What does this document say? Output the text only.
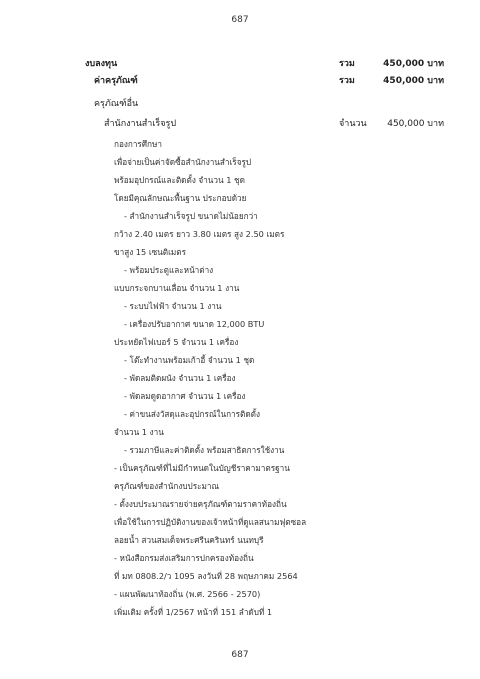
687
งบลงทุน	รวม	450,000 บาท
ค่าครุภัณฑ์	รวม	450,000 บาท
ครุภัณฑ์อื่น
สำนักงานสำเร็จรูป	จำนวน 450,000 บาท
กองการศึกษา
เพื่อจ่ายเป็นค่าจัดซื้อสำนักงานสำเร็จรูป
พร้อมอุปกรณ์และติดตั้ง จำนวน 1 ชุด
โดยมีคุณลักษณะพื้นฐาน ประกอบด้วย
- สำนักงานสำเร็จรูป ขนาดไม่น้อยกว่า
กว้าง 2.40 เมตร ยาว 3.80 เมตร สูง 2.50 เมตร
ขาสูง 15 เซนติเมตร
- พร้อมประตูและหน้าต่าง
แบบกระจกบานเลื่อน จำนวน 1 งาน
- ระบบไฟฟ้า จำนวน 1 งาน
- เครื่องปรับอากาศ ขนาด 12,000 BTU
ประหยัดไฟเบอร์ 5 จำนวน 1 เครื่อง
- โต๊ะทำงานพร้อมเก้าอี้ จำนวน 1 ชุด
- พัดลมติดผนัง จำนวน 1 เครื่อง
- พัดลมดูดอากาศ จำนวน 1 เครื่อง
- ค่าขนส่งวัสดุและอุปกรณ์ในการติดตั้ง
จำนวน 1 งาน
- รวมภาษีและค่าติดตั้ง พร้อมสาธิตการใช้งาน
- เป็นครุภัณฑ์ที่ไม่มีกำหนดในบัญชีราคามาตรฐาน
ครุภัณฑ์ของสำนักงบประมาณ
- ตั้งงบประมาณรายจ่ายครุภัณฑ์ตามราคาท้องถิ่น
เพื่อใช้ในการปฏิบัติงานของเจ้าหน้าที่ดูแลสนามฟุตซอล
ลอยน้ำ สวนสมเด็จพระศรีนครินทร์ นนทบุรี
- หนังสือกรมส่งเสริมการปกครองท้องถิ่น
ที่ มท 0808.2/ว 1095 ลงวันที่ 28 พฤษภาคม 2564
- แผนพัฒนาท้องถิ่น (พ.ศ. 2566 - 2570)
เพิ่มเติม ครั้งที่ 1/2567 หน้าที่ 151 ลำดับที่ 1
687
